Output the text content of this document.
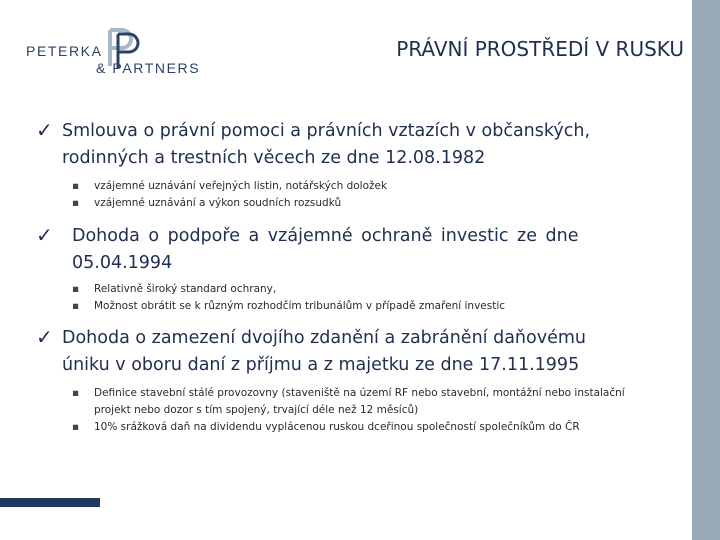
PETERKA
& PARTNERS
PRÁVNÍ PROSTŘEDÍ V RUSKU
✓ Smlouva o právní pomoci a právních vztazích v občanských,
rodinných a trestních věcech ze dne 12.08.1982
▪ vzájemné uznávání veřejných listin, notářských doložek
▪ vzájemné uznávání a výkon soudních rozsudků
✓ Dohoda o podpoře a vzájemné ochraně investic ze dne
05.04.1994
▪ Relativně široký standard ochrany,
▪ Možnost obrátit se k různým rozhodčím tribunálům v případě zmaření investic
✓ Dohoda o zamezení dvojího zdanění a zabránění daňovému
úniku v oboru daní z příjmu a z majetku ze dne 17.11.1995
▪ Definice stavební stálé provozovny (staveniště na území RF nebo stavební, montážní nebo instalační
projekt nebo dozor s tím spojený, trvající déle než 12 měsíců)
▪ 10% srážková daň na dividendu vyplácenou ruskou dceřinou společností společníkům do ČR
